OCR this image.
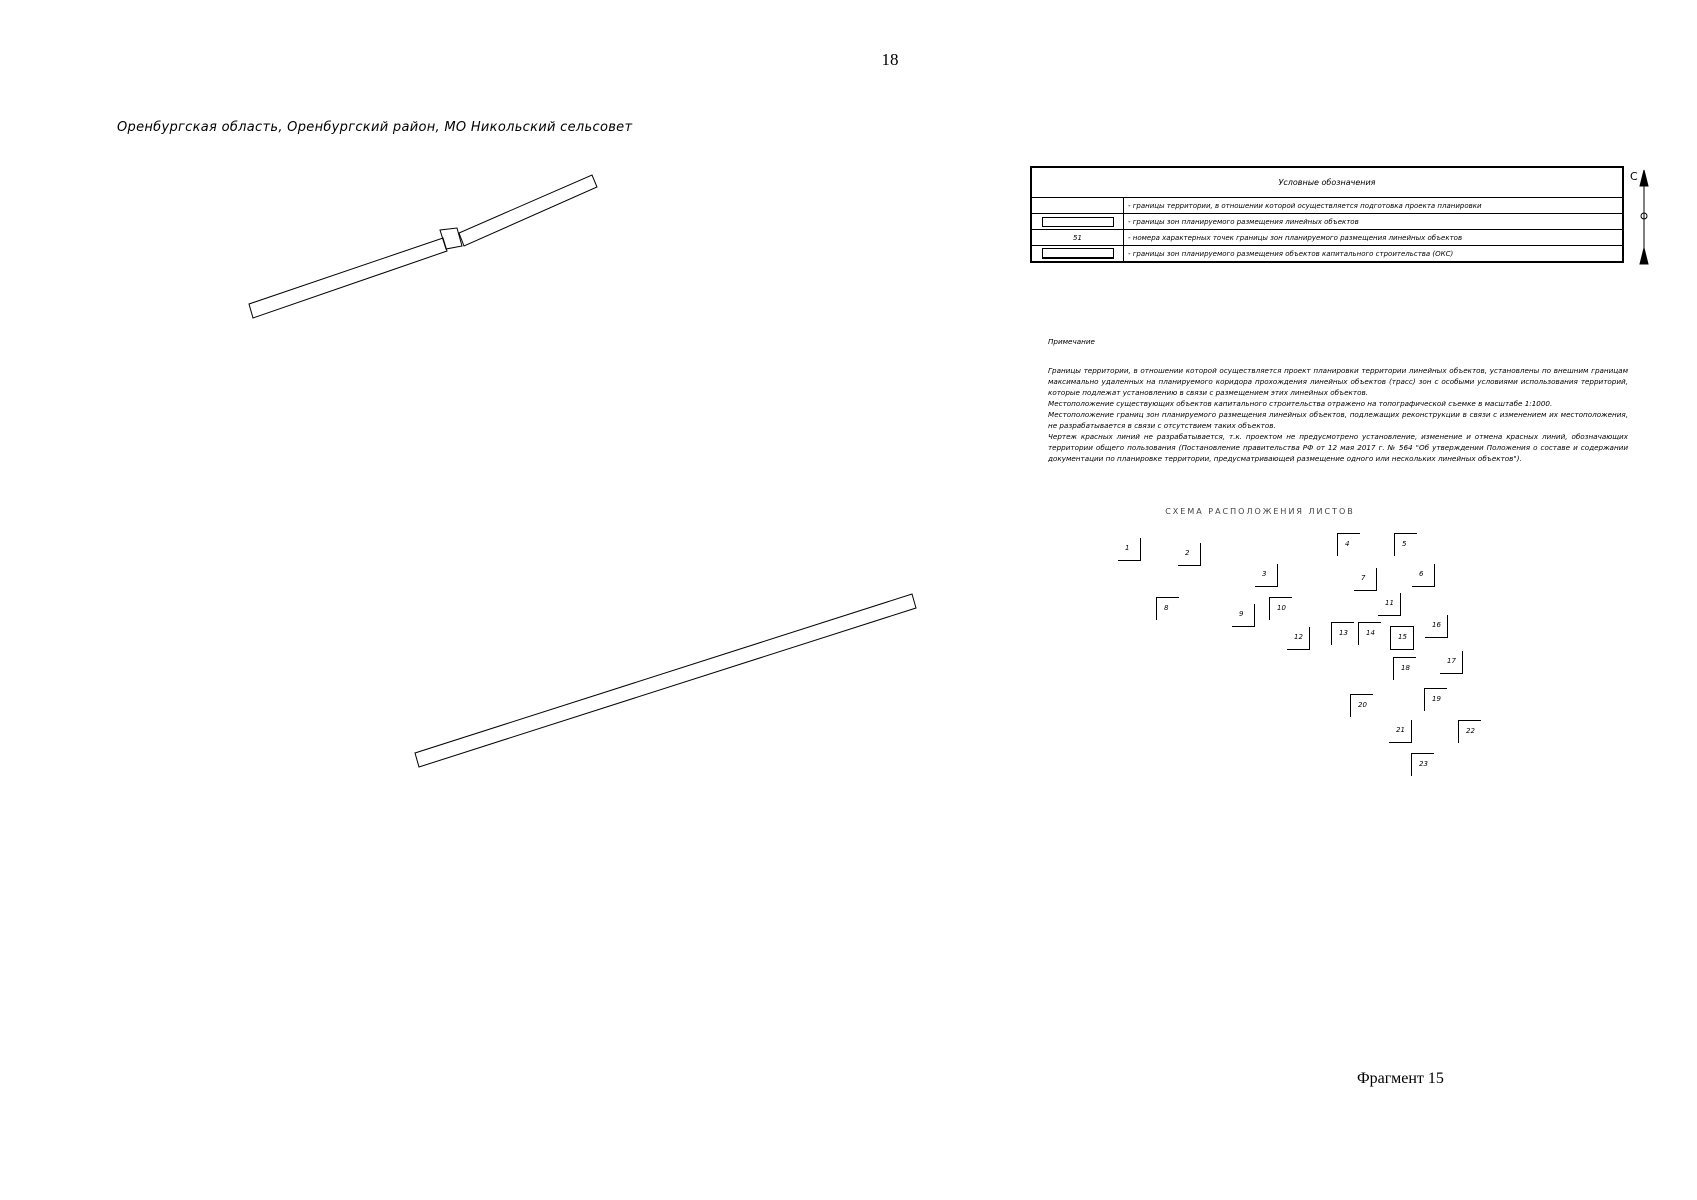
18
Оренбургская область, Оренбургский район, МО Никольский сельсовет
Условные обозначения	
	- границы территории, в отношении которой осуществляется подготовка проекта планировки
	- границы зон планируемого размещения линейных объектов
51	- номера характерных точек границы зон планируемого размещения линейных объектов
	- границы зон планируемого размещения объектов капитального строительства (ОКС)
С
Примечание

Границы территории, в отношении которой осуществляется проект планировки территории линейных объектов, установлены по внешним границам максимально удаленных на планируемого коридора прохождения линейных объектов (трасс) зон с особыми условиями использования территорий, которые подлежат установлению в связи с размещением этих линейных объектов.

Местоположение существующих объектов капитального строительства отражено на топографической съемке в масштабе 1:1000.

Местоположение границ зон планируемого размещения линейных объектов, подлежащих реконструкции в связи с изменением их местоположения, не разрабатывается в связи с отсутствием таких объектов.

Чертеж красных линий не разрабатывается, т.к. проектом не предусмотрено установление, изменение и отмена красных линий, обозначающих территории общего пользования (Постановление правительства РФ от 12 мая 2017 г. № 564 "Об утверждении Положения о составе и содержании документации по планировке территории, предусматривающей размещение одного или нескольких линейных объектов").

СХЕМА РАСПОЛОЖЕНИЯ ЛИСТОВ
1
2
3
4	5
6
7
8
9
10
11
12	13	14	15
16
17
18
19
20
21	22
23
Фрагмент 15
